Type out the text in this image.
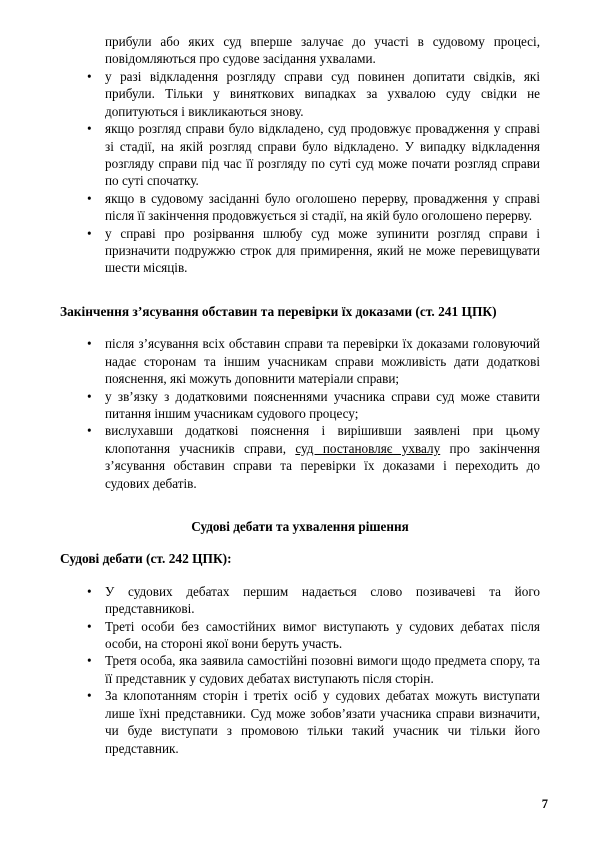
прибули або яких суд вперше залучає до участі в судовому процесі, повідомляються про судове засідання ухвалами.

• у разі відкладення розгляду справи суд повинен допитати свідків, які прибули. Тільки у виняткових випадках за ухвалою суду свідки не допитуються і викликаються знову.
• якщо розгляд справи було відкладено, суд продовжує провадження у справі зі стадії, на якій розгляд справи було відкладено. У випадку відкладення розгляду справи під час її розгляду по суті суд може почати розгляд справи по суті спочатку.
• якщо в судовому засіданні було оголошено перерву, провадження у справі після її закінчення продовжується зі стадії, на якій було оголошено перерву.
• у справі про розірвання шлюбу суд може зупинити розгляд справи і призначити подружжю строк для примирення, який не може перевищувати шести місяців.
Закінчення з’ясування обставин та перевірки їх доказами (ст. 241 ЦПК)
• після з’ясування всіх обставин справи та перевірки їх доказами головуючий надає сторонам та іншим учасникам справи можливість дати додаткові пояснення, які можуть доповнити матеріали справи;
• у зв’язку з додатковими поясненнями учасника справи суд може ставити питання іншим учасникам судового процесу;
• вислухавши додаткові пояснення і вирішивши заявлені при цьому клопотання учасників справи, суд постановляє ухвалу про закінчення з’ясування обставин справи та перевірки їх доказами і переходить до судових дебатів.
Судові дебати та ухвалення рішення
Судові дебати (ст. 242 ЦПК):
• У судових дебатах першим надається слово позивачеві та його представникові.
• Треті особи без самостійних вимог виступають у судових дебатах після особи, на стороні якої вони беруть участь.
• Третя особа, яка заявила самостійні позовні вимоги щодо предмета спору, та її представник у судових дебатах виступають після сторін.
• За клопотанням сторін і третіх осіб у судових дебатах можуть виступати лише їхні представники. Суд може зобов’язати учасника справи визначити, чи буде виступати з промовою тільки такий учасник чи тільки його представник.
7
